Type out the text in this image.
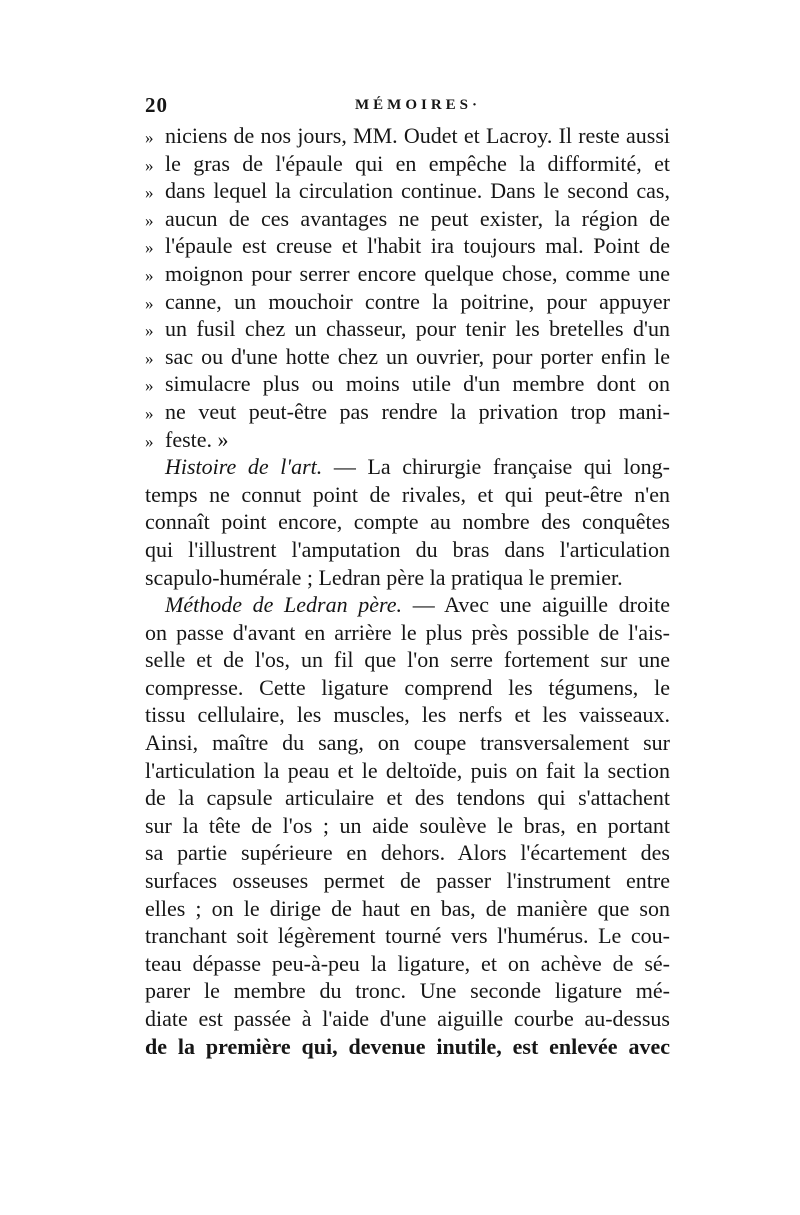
20	MÉMOIRES·
» niciens de nos jours, MM. Oudet et Lacroy. Il reste aussi
» le gras de l'épaule qui en empêche la difformité, et
» dans lequel la circulation continue. Dans le second cas,
» aucun de ces avantages ne peut exister, la région de
» l'épaule est creuse et l'habit ira toujours mal. Point de
» moignon pour serrer encore quelque chose, comme une
» canne, un mouchoir contre la poitrine, pour appuyer
» un fusil chez un chasseur, pour tenir les bretelles d'un
» sac ou d'une hotte chez un ouvrier, pour porter enfin le
» simulacre plus ou moins utile d'un membre dont on
» ne veut peut-être pas rendre la privation trop mani-
» feste. »
Histoire de l'art. — La chirurgie française qui long-
temps ne connut point de rivales, et qui peut-être n'en
connaît point encore, compte au nombre des conquêtes
qui l'illustrent l'amputation du bras dans l'articulation
scapulo-humérale ; Ledran père la pratiqua le premier.
Méthode de Ledran père. — Avec une aiguille droite
on passe d'avant en arrière le plus près possible de l'ais-
selle et de l'os, un fil que l'on serre fortement sur une
compresse. Cette ligature comprend les tégumens, le
tissu cellulaire, les muscles, les nerfs et les vaisseaux.
Ainsi, maître du sang, on coupe transversalement sur
l'articulation la peau et le deltoïde, puis on fait la section
de la capsule articulaire et des tendons qui s'attachent
sur la tête de l'os ; un aide soulève le bras, en portant
sa partie supérieure en dehors. Alors l'écartement des
surfaces osseuses permet de passer l'instrument entre
elles ; on le dirige de haut en bas, de manière que son
tranchant soit légèrement tourné vers l'humérus. Le cou-
teau dépasse peu-à-peu la ligature, et on achève de sé-
parer le membre du tronc. Une seconde ligature mé-
diate est passée à l'aide d'une aiguille courbe au-dessus
de la première qui, devenue inutile, est enlevée avec
